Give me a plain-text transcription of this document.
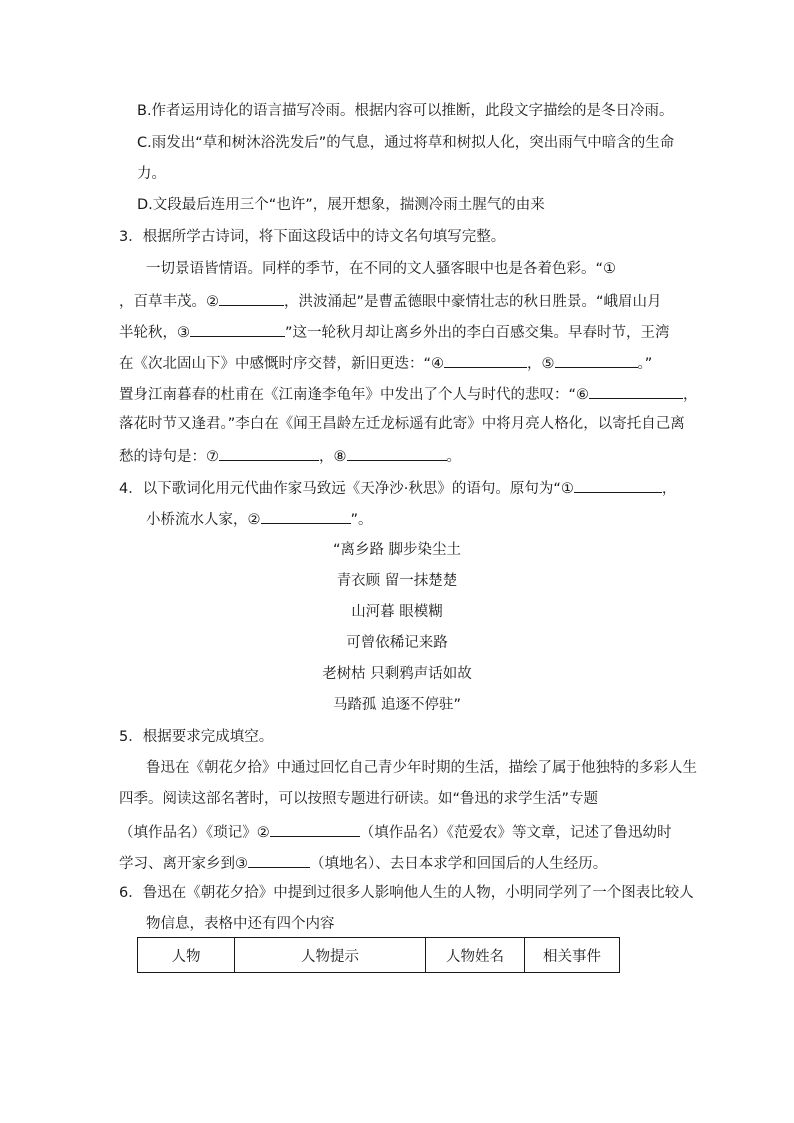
B.作者运用诗化的语言描写冷雨。根据内容可以推断，此段文字描绘的是冬日冷雨。
C.雨发出“草和树沐浴洗发后”的气息，通过将草和树拟人化，突出雨气中暗含的生命
力。
D.文段最后连用三个“也许”，展开想象，揣测冷雨土腥气的由来
3．根据所学古诗词，将下面这段话中的诗文名句填写完整。
一切景语皆情语。同样的季节，在不同的文人骚客眼中也是各着色彩。“①
，百草丰茂。②	，洪波涌起”是曹孟德眼中豪情壮志的秋日胜景。“峨眉山月
半轮秋，③	”这一轮秋月却让离乡外出的李白百感交集。早春时节，王湾
在《次北固山下》中感慨时序交替，新旧更迭：“④	，⑤	。”
置身江南暮春的杜甫在《江南逢李龟年》中发出了个人与时代的悲叹：“⑥	，
落花时节又逢君。”李白在《闻王昌龄左迁龙标遥有此寄》中将月亮人格化，以寄托自己离
愁的诗句是：⑦	，⑧	。
4．以下歌词化用元代曲作家马致远《天净沙·秋思》的语句。原句为“①	，
小桥流水人家，②	”。
“离乡路 脚步染尘土
青衣顾 留一抹楚楚
山河暮 眼模糊
可曾依稀记来路
老树枯 只剩鸦声话如故
马踏孤 追逐不停驻”
5．根据要求完成填空。
鲁迅在《朝花夕拾》中通过回忆自己青少年时期的生活，描绘了属于他独特的多彩人生
四季。阅读这部名著时，可以按照专题进行研读。如“鲁迅的求学生活”专题
（填作品名）《琐记》②	（填作品名）《范爱农》等文章，记述了鲁迅幼时
学习、离开家乡到③	（填地名）、去日本求学和回国后的人生经历。
6．鲁迅在《朝花夕拾》中提到过很多人影响他人生的人物，小明同学列了一个图表比较人
物信息，表格中还有四个内容
人物	人物提示	人物姓名	相关事件
